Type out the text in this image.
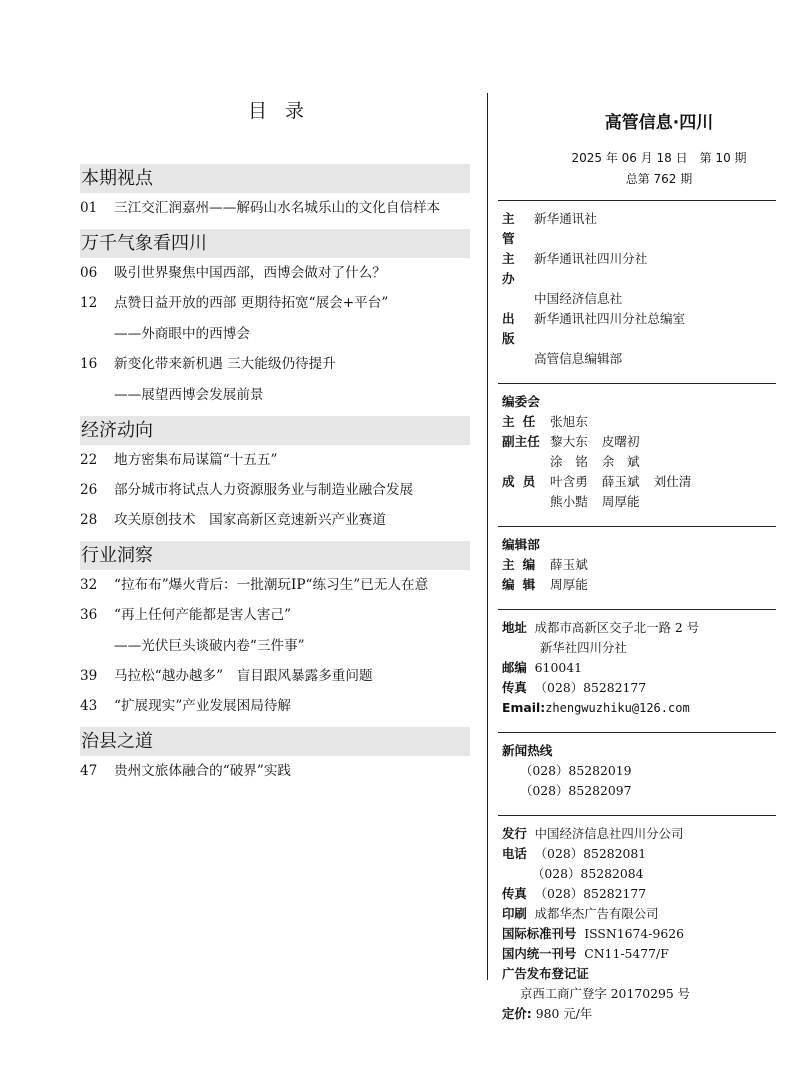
目录
本期视点
01 三江交汇润嘉州——解码山水名城乐山的文化自信样本
万千气象看四川
06 吸引世界聚焦中国西部，西博会做对了什么？
12 点赞日益开放的西部 更期待拓宽“展会+平台”
——外商眼中的西博会
16 新变化带来新机遇 三大能级仍待提升
——展望西博会发展前景
经济动向
22 地方密集布局谋篇“十五五”
26 部分城市将试点人力资源服务业与制造业融合发展
28 攻关原创技术　国家高新区竞速新兴产业赛道
行业洞察
32 “拉布布”爆火背后：一批潮玩IP“练习生”已无人在意
36 “再上任何产能都是害人害己”
——光伏巨头谈破内卷“三件事”
39 马拉松“越办越多”　盲目跟风暴露多重问题
43 “扩展现实”产业发展困局待解
治县之道
47 贵州文旅体融合的“破界”实践
高管信息·四川
2025 年 06 月 18 日　第 10 期
总第 762 期
主管
新华通讯社
主办
新华通讯社四川分社
中国经济信息社
出版
新华通讯社四川分社总编室
高管信息编辑部
编委会
主任 张旭东
副主任 黎大东 皮曙初
涂　铭 余　斌
成员 叶含勇 薛玉斌 刘仕清
熊小黠 周厚能
编辑部
主编 薛玉斌
编辑 周厚能
地址 成都市高新区交子北一路 2 号
新华社四川分社
邮编 610041
传真 （028）85282177
Email:zhengwuzhiku@126.com
新闻热线
（028）85282019
（028）85282097
发行 中国经济信息社四川分公司
电话 （028）85282081
（028）85282084
传真 （028）85282177
印刷 成都华杰广告有限公司
国际标准刊号 ISSN1674-9626
国内统一刊号 CN11-5477/F
广告发布登记证
京西工商广登字 20170295 号
定价: 980 元/年
